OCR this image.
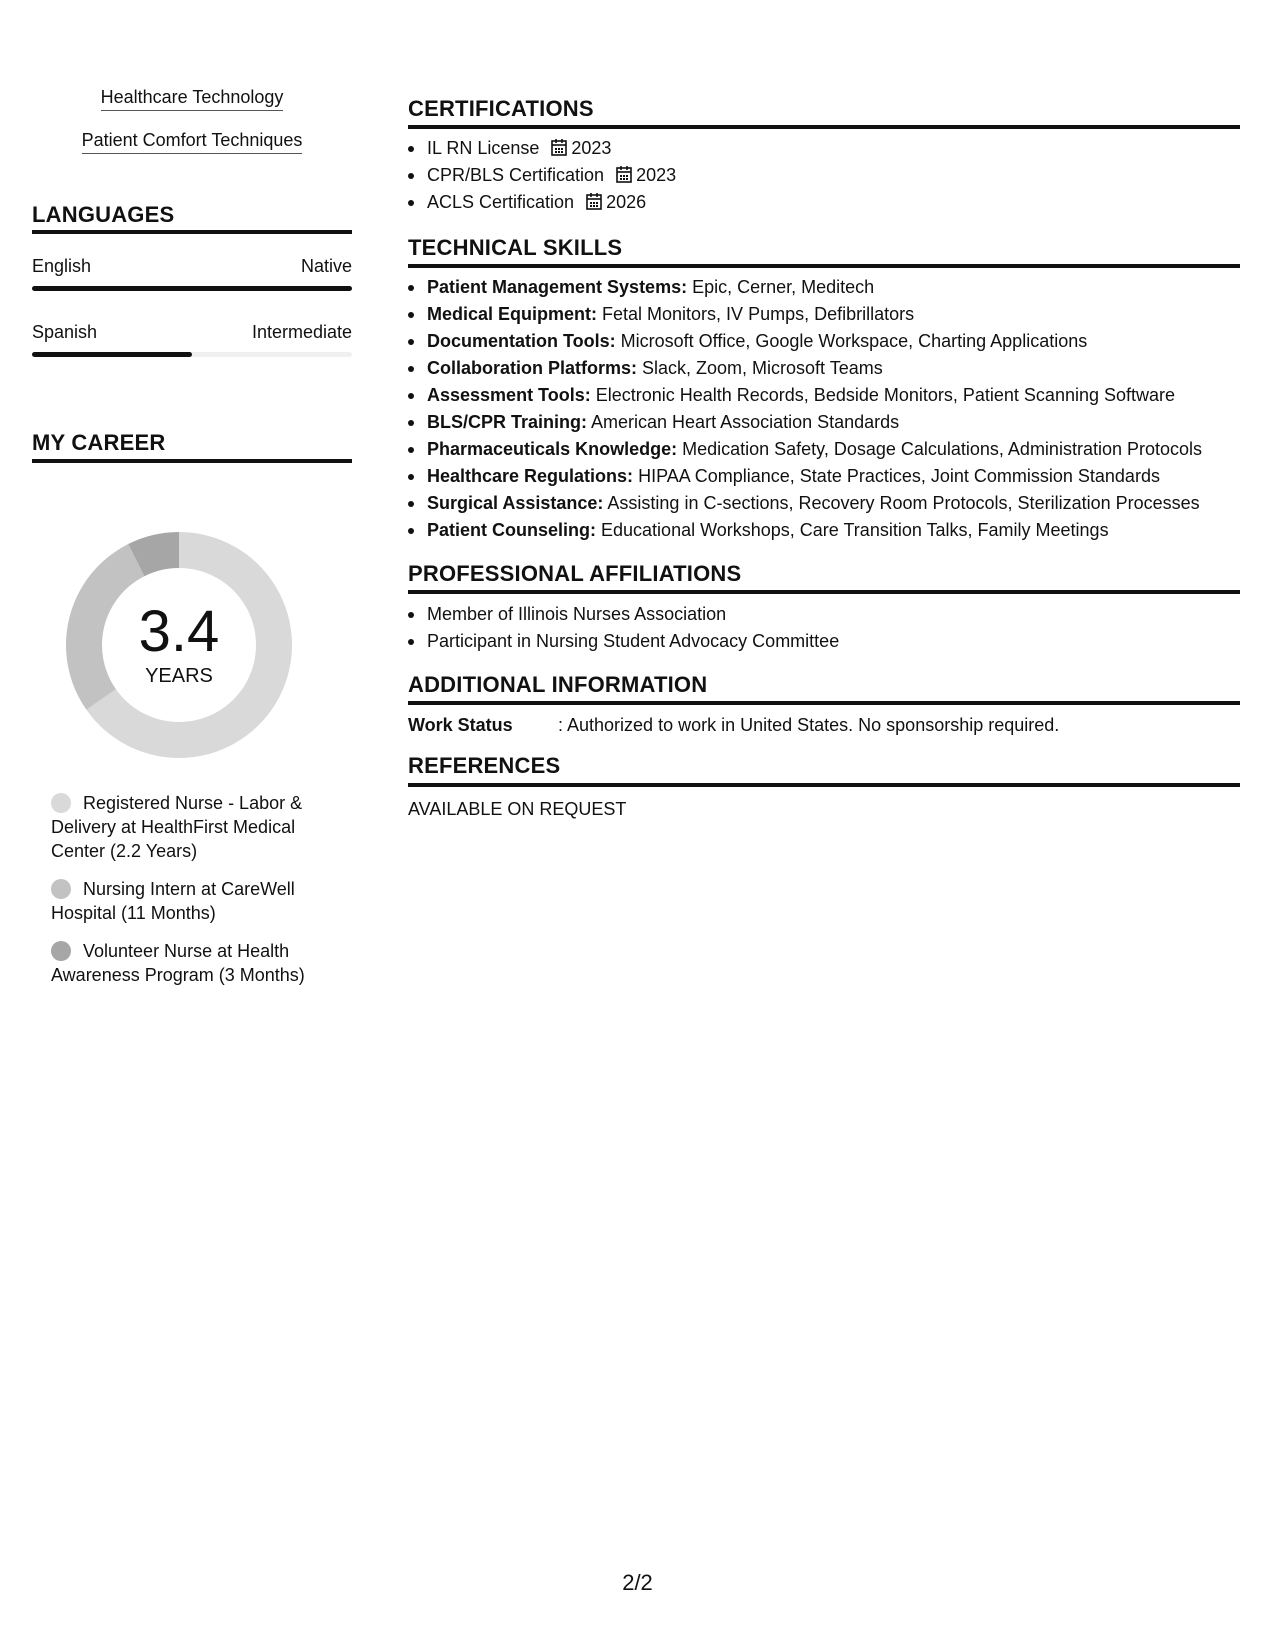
Healthcare Technology
Patient Comfort Techniques
LANGUAGES
English	Native
Spanish	Intermediate
MY CAREER
3.4
YEARS
Registered Nurse - Labor & Delivery at HealthFirst Medical Center (2.2 Years)
Nursing Intern at CareWell Hospital (11 Months)
Volunteer Nurse at Health Awareness Program (3 Months)
CERTIFICATIONS
IL RN License 2023
CPR/BLS Certification 2023
ACLS Certification 2026
TECHNICAL SKILLS
Patient Management Systems: Epic, Cerner, Meditech
Medical Equipment: Fetal Monitors, IV Pumps, Defibrillators
Documentation Tools: Microsoft Office, Google Workspace, Charting Applications
Collaboration Platforms: Slack, Zoom, Microsoft Teams
Assessment Tools: Electronic Health Records, Bedside Monitors, Patient Scanning Software
BLS/CPR Training: American Heart Association Standards
Pharmaceuticals Knowledge: Medication Safety, Dosage Calculations, Administration Protocols
Healthcare Regulations: HIPAA Compliance, State Practices, Joint Commission Standards
Surgical Assistance: Assisting in C-sections, Recovery Room Protocols, Sterilization Processes
Patient Counseling: Educational Workshops, Care Transition Talks, Family Meetings
PROFESSIONAL AFFILIATIONS
Member of Illinois Nurses Association
Participant in Nursing Student Advocacy Committee
ADDITIONAL INFORMATION
Work Status	: Authorized to work in United States. No sponsorship required.
REFERENCES
AVAILABLE ON REQUEST
2/2
